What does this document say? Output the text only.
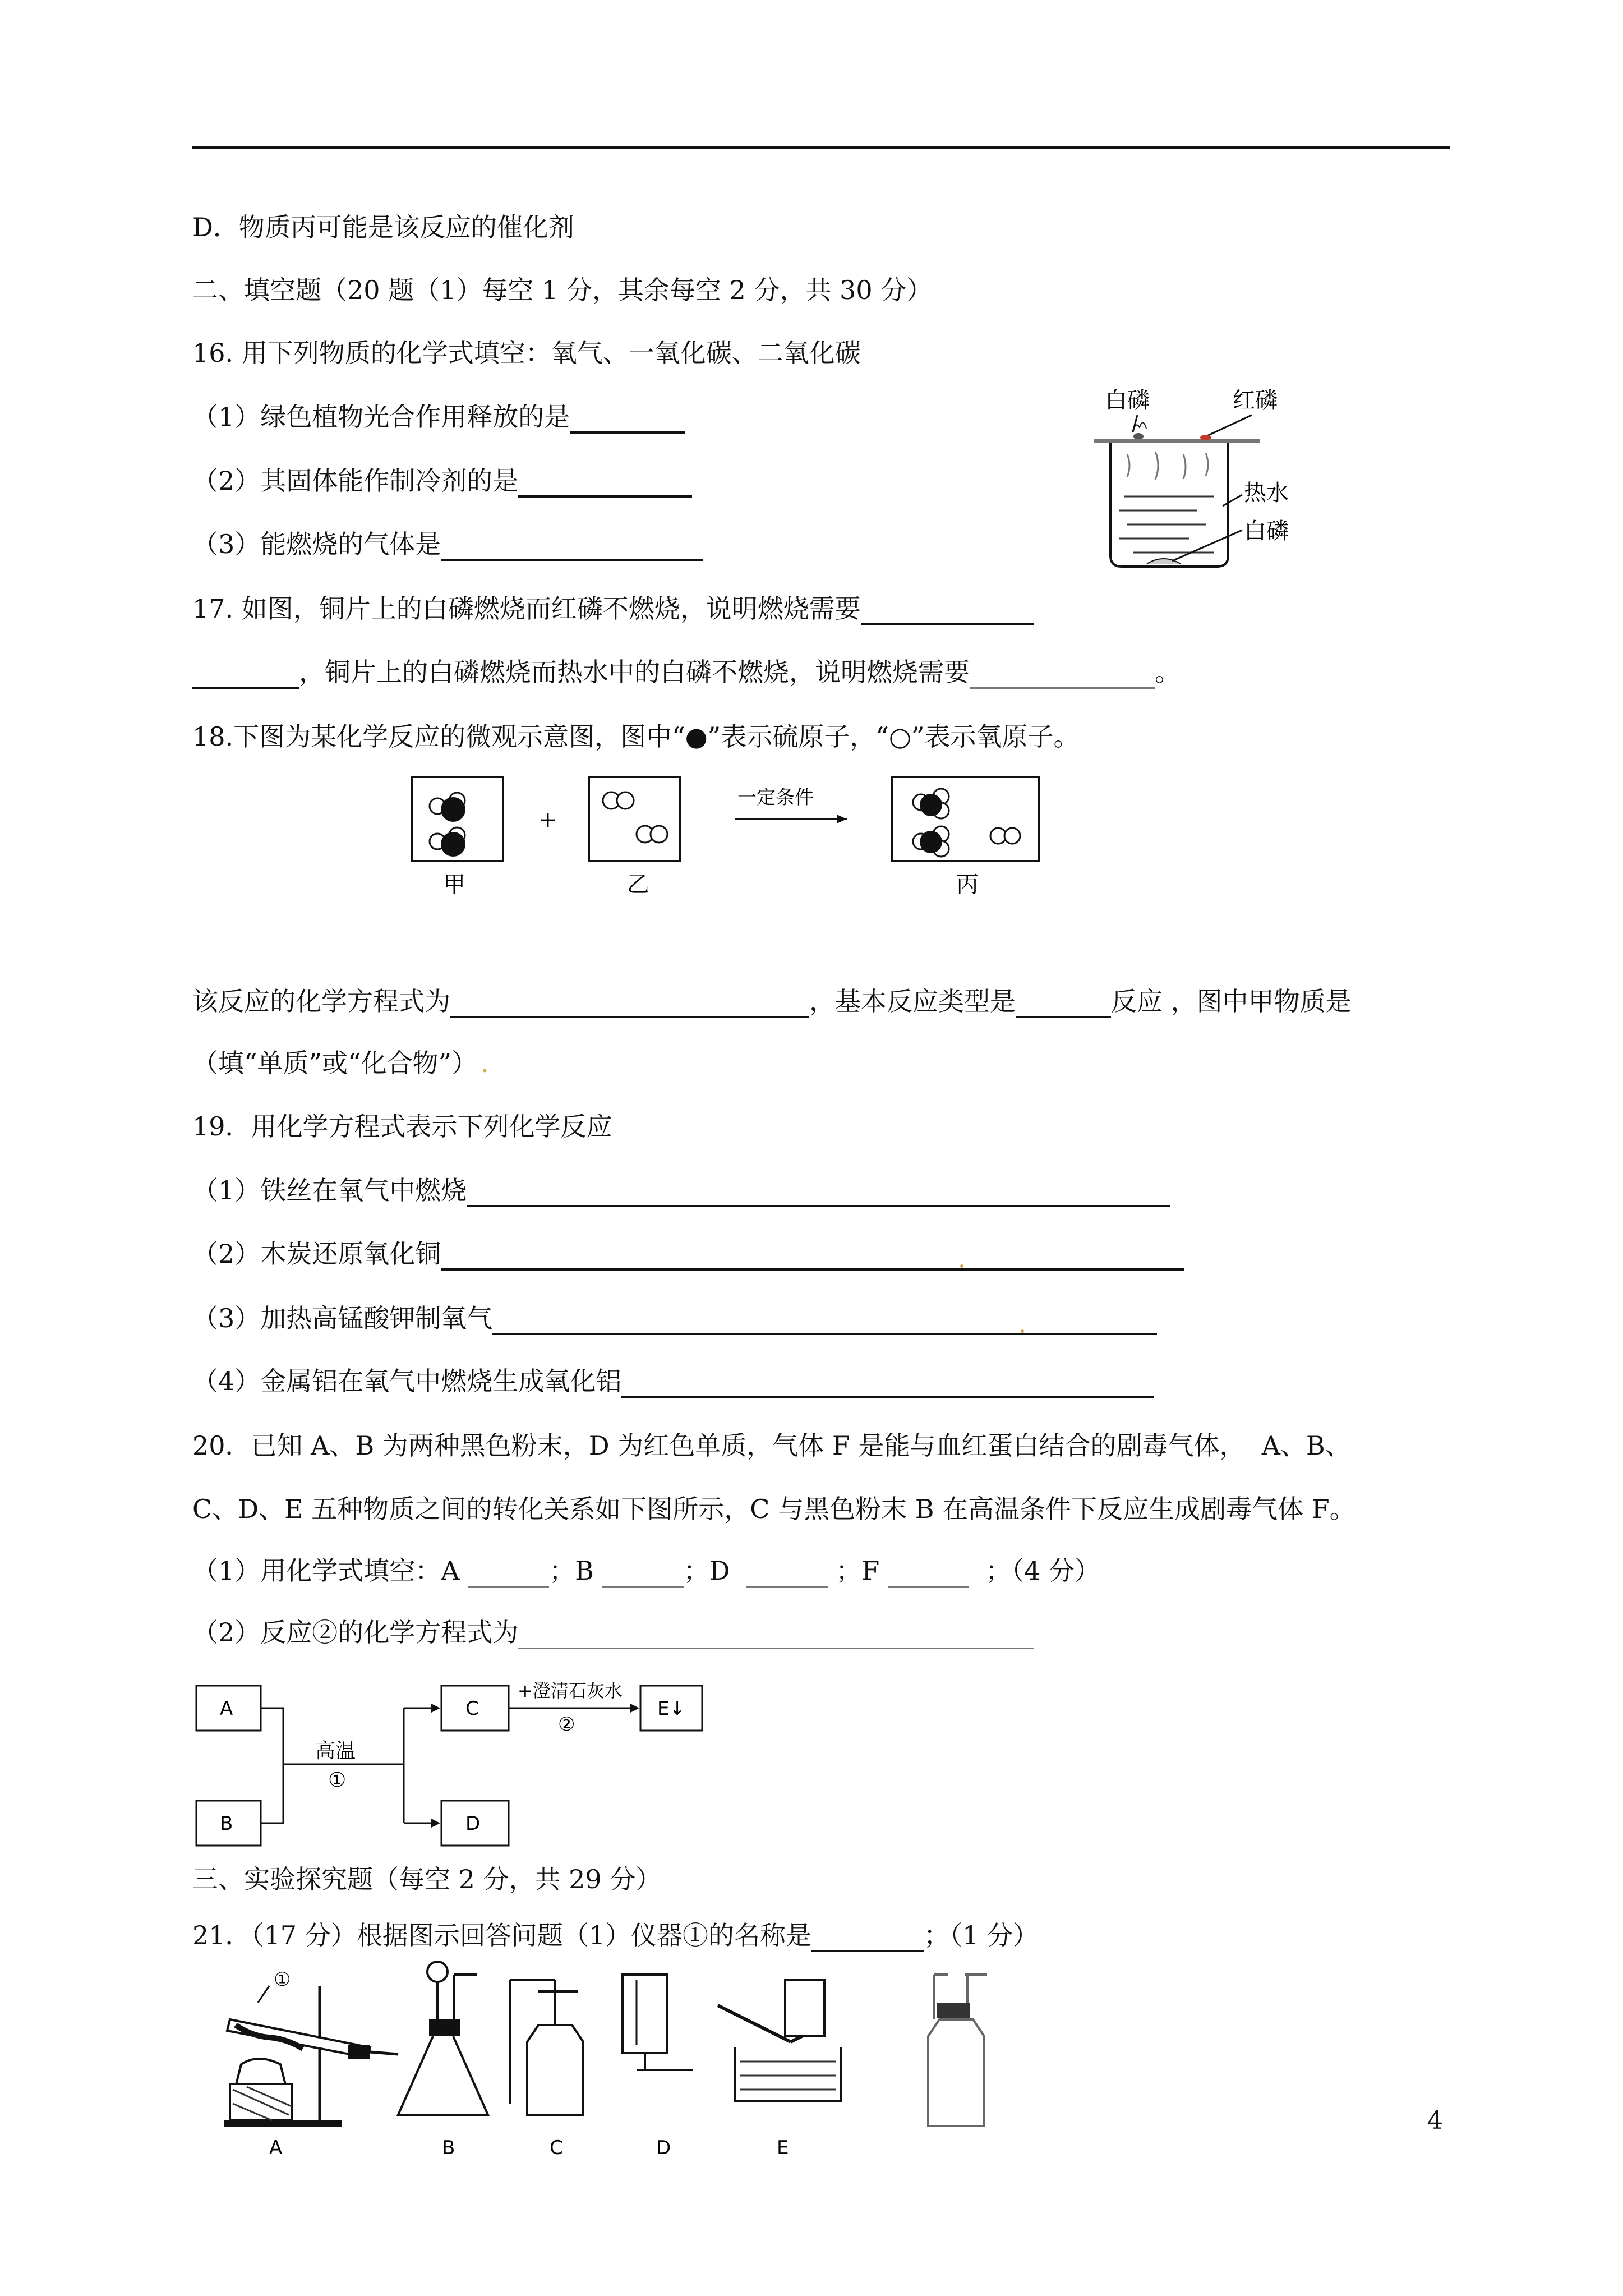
D．物质丙可能是该反应的催化剂
二、填空题（20 题（1）每空 1 分，其余每空 2 分，共 30 分）
16. 用下列物质的化学式填空：氧气、一氧化碳、二氧化碳
（1）绿色植物光合作用释放的是
（2）其固体能作制冷剂的是
（3）能燃烧的气体是
白磷	红磷
热水
白磷
17. 如图，铜片上的白磷燃烧而红磷不燃烧，说明燃烧需要
，铜片上的白磷燃烧而热水中的白磷不燃烧，说明燃烧需要	。
18.下图为某化学反应的微观示意图，图中“●”表示硫原子，“○”表示氧原子。
+
一定条件
甲	乙	丙
该反应的化学方程式为	，基本反应类型是	反应 ，图中甲物质是
（填“单质”或“化合物”） .
19．用化学方程式表示下列化学反应
（1）铁丝在氧气中燃烧
（2）木炭还原氧化铜
（3）加热高锰酸钾制氧气
（4）金属铝在氧气中燃烧生成氧化铝
20．已知 A、B 为两种黑色粉末，D 为红色单质，气体 F 是能与血红蛋白结合的剧毒气体，  A、B、
C、D、E 五种物质之间的转化关系如下图所示，C 与黑色粉末 B 在高温条件下反应生成剧毒气体 F。
（1）用化学式填空：A	；B	；D	；F	；（4 分）
（2）反应②的化学方程式为
A
B
高温
①
C
D
+澄清石灰水
②
E↓
三、实验探究题（每空 2 分，共 29 分）
21．（17 分）根据图示回答问题（1）仪器①的名称是	；（1 分）
①
A	B	C	D	E
4
